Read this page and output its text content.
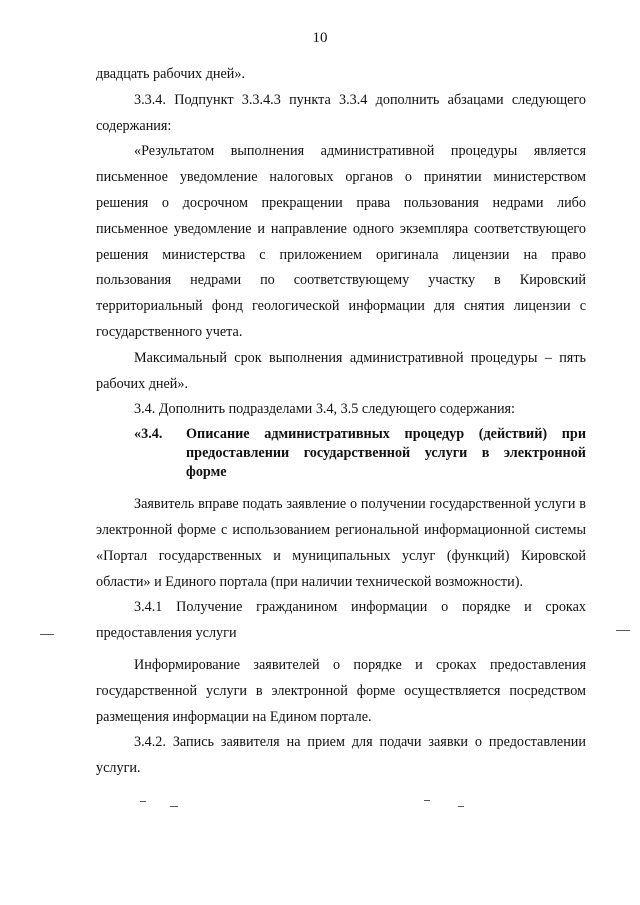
10

двадцать рабочих дней».

3.3.4. Подпункт 3.3.4.3 пункта 3.3.4 дополнить абзацами следующего содержания:

«Результатом выполнения административной процедуры является письменное уведомление налоговых органов о принятии министерством решения о досрочном прекращении права пользования недрами либо письменное уведомление и направление одного экземпляра соответствующего решения министерства с приложением оригинала лицензии на право пользования недрами по соответствующему участку в Кировский территориальный фонд геологической информации для снятия лицензии с государственного учета.

Максимальный срок выполнения административной процедуры – пять рабочих дней».

3.4. Дополнить подразделами 3.4, 3.5 следующего содержания:

«3.4.	Описание административных процедур (действий) при предоставлении государственной услуги в электронной форме

Заявитель вправе подать заявление о получении государственной услуги в электронной форме с использованием региональной информационной системы «Портал государственных и муниципальных услуг (функций) Кировской области» и Единого портала (при наличии технической возможности).

3.4.1 Получение гражданином информации о порядке и сроках предоставления услуги

Информирование заявителей о порядке и сроках предоставления государственной услуги в электронной форме осуществляется посредством размещения информации на Едином портале.

3.4.2. Запись заявителя на прием для подачи заявки о предоставлении услуги.
